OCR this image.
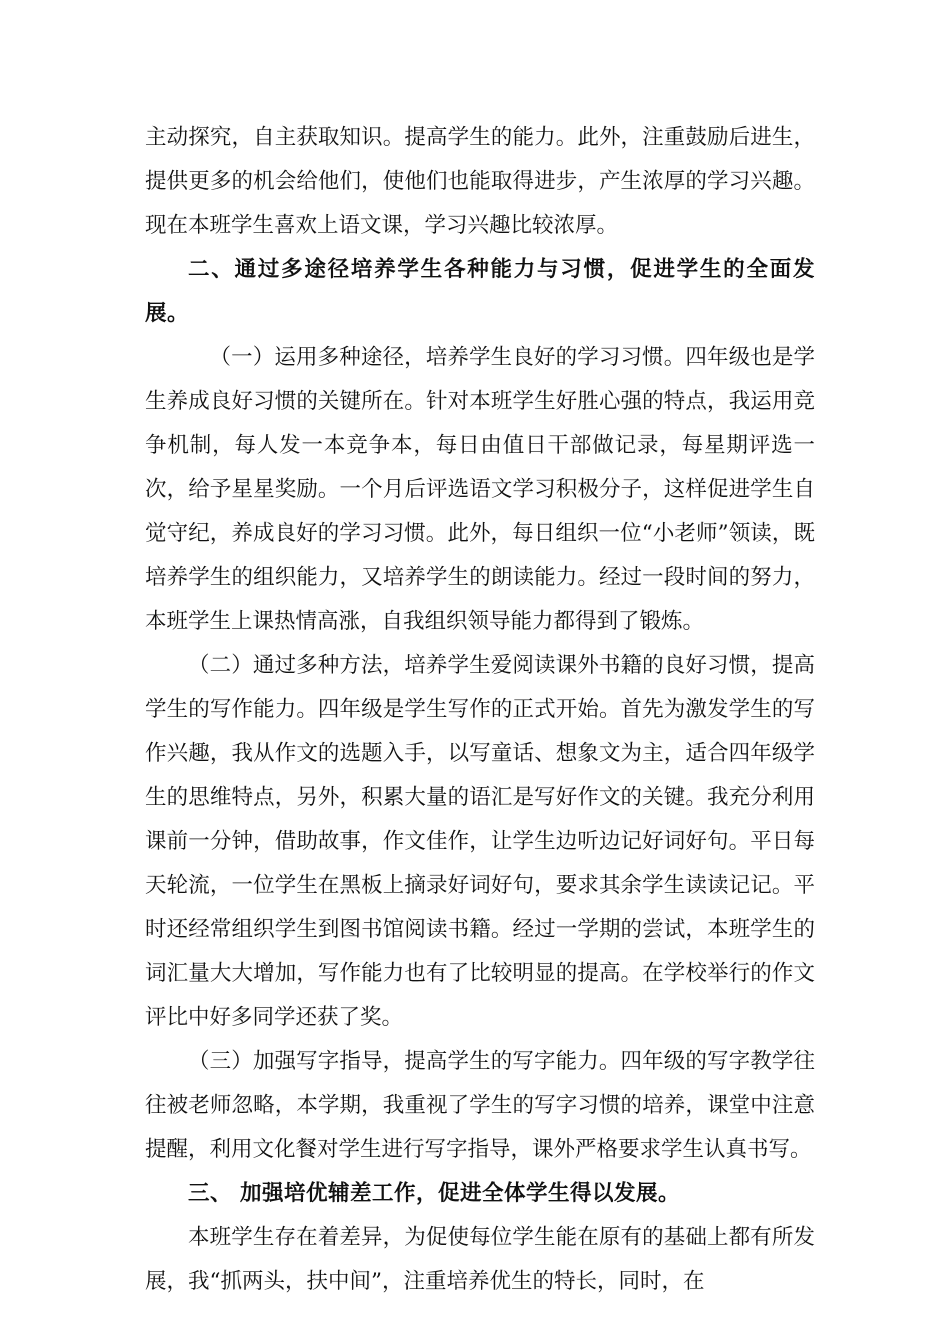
主动探究，自主获取知识。提高学生的能力。此外，注重鼓励后进生，提供更多的机会给他们，使他们也能取得进步，产生浓厚的学习兴趣。现在本班学生喜欢上语文课，学习兴趣比较浓厚。

二、通过多途径培养学生各种能力与习惯，促进学生的全面发展。

（一）运用多种途径，培养学生良好的学习习惯。四年级也是学生养成良好习惯的关键所在。针对本班学生好胜心强的特点，我运用竞争机制，每人发一本竞争本，每日由值日干部做记录，每星期评选一次，给予星星奖励。一个月后评选语文学习积极分子，这样促进学生自觉守纪，养成良好的学习习惯。此外，每日组织一位“小老师”领读，既培养学生的组织能力，又培养学生的朗读能力。经过一段时间的努力，本班学生上课热情高涨，自我组织领导能力都得到了锻炼。

（二）通过多种方法，培养学生爱阅读课外书籍的良好习惯，提高学生的写作能力。四年级是学生写作的正式开始。首先为激发学生的写作兴趣，我从作文的选题入手，以写童话、想象文为主，适合四年级学生的思维特点，另外，积累大量的语汇是写好作文的关键。我充分利用课前一分钟，借助故事，作文佳作，让学生边听边记好词好句。平日每天轮流，一位学生在黑板上摘录好词好句，要求其余学生读读记记。平时还经常组织学生到图书馆阅读书籍。经过一学期的尝试，本班学生的词汇量大大增加，写作能力也有了比较明显的提高。在学校举行的作文评比中好多同学还获了奖。

（三）加强写字指导，提高学生的写字能力。四年级的写字教学往往被老师忽略，本学期，我重视了学生的写字习惯的培养，课堂中注意提醒，利用文化餐对学生进行写字指导，课外严格要求学生认真书写。

三、 加强培优辅差工作，促进全体学生得以发展。

本班学生存在着差异，为促使每位学生能在原有的基础上都有所发展，我“抓两头，扶中间”，注重培养优生的特长，同时，在
